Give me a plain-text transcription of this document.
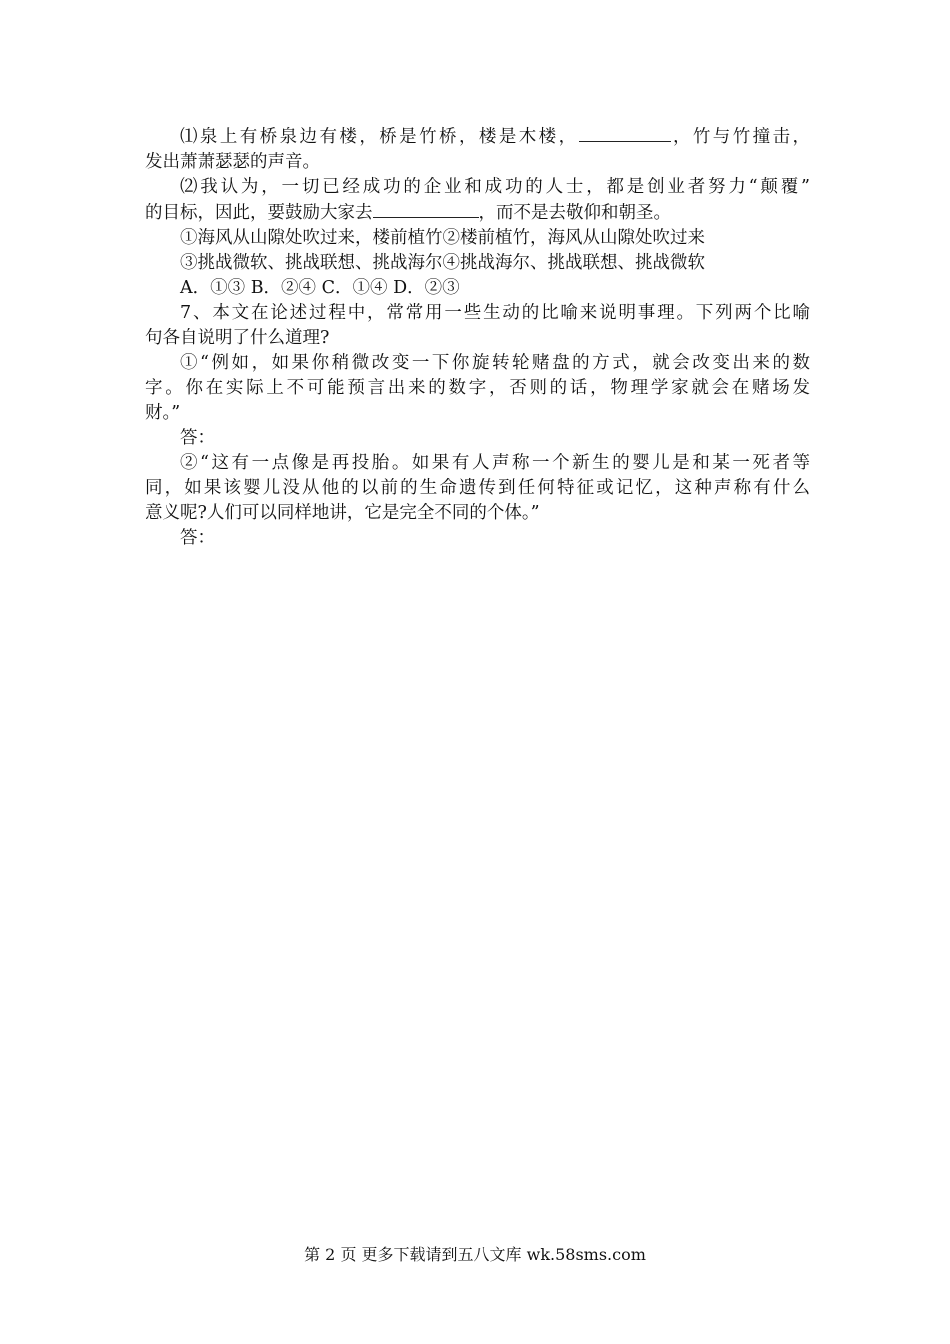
⑴泉上有桥泉边有楼，桥是竹桥，楼是木楼，	，竹与竹撞击，

发出萧萧瑟瑟的声音。

⑵我认为，一切已经成功的企业和成功的人士，都是创业者努力“颠覆”

的目标，因此，要鼓励大家去	，而不是去敬仰和朝圣。

①海风从山隙处吹过来，楼前植竹②楼前植竹，海风从山隙处吹过来

③挑战微软、挑战联想、挑战海尔④挑战海尔、挑战联想、挑战微软

A．①③ B．②④ C．①④ D．②③

7、本文在论述过程中，常常用一些生动的比喻来说明事理。下列两个比喻

句各自说明了什么道理?

①“例如，如果你稍微改变一下你旋转轮赌盘的方式，就会改变出来的数

字。你在实际上不可能预言出来的数字，否则的话，物理学家就会在赌场发

财。”

答：

②“这有一点像是再投胎。如果有人声称一个新生的婴儿是和某一死者等

同，如果该婴儿没从他的以前的生命遗传到任何特征或记忆，这种声称有什么

意义呢?人们可以同样地讲，它是完全不同的个体。”

答：

第 2 页 更多下载请到五八文库 wk.58sms.com
